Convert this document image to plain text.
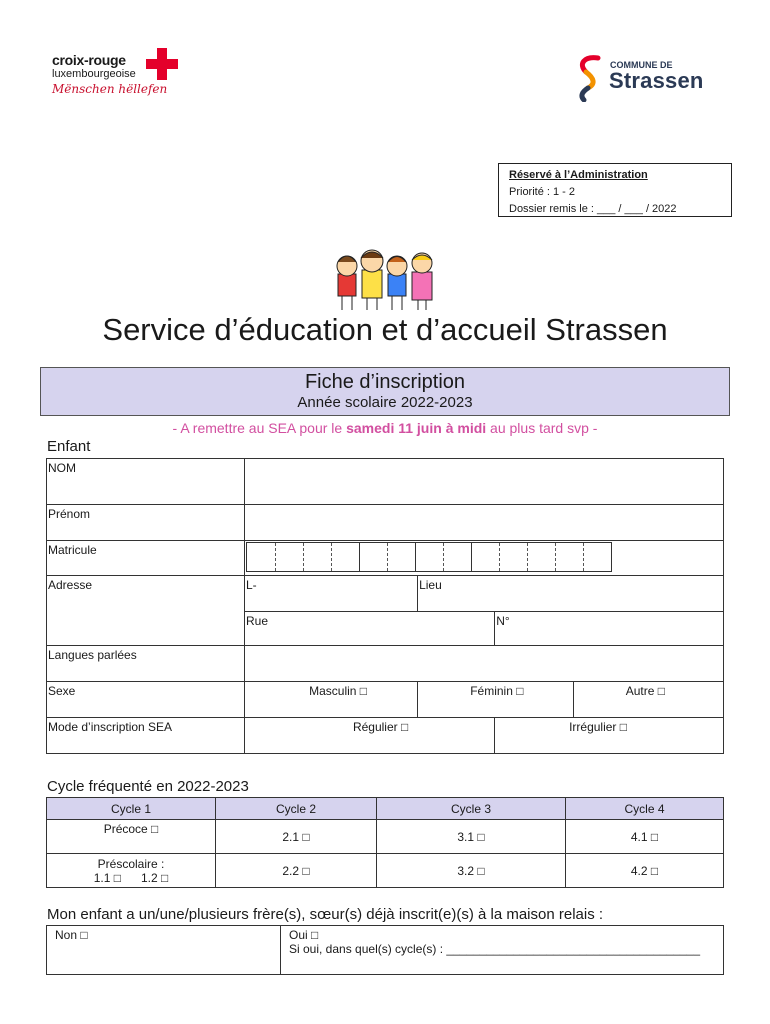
croix-rouge
luxembourgeoise
Mënschen hëllefen
COMMUNE DE
Strassen
Réservé à l’Administration
Priorité : 1 - 2
Dossier remis le : ___ / ___ / 2022
Service d’éducation et d’accueil Strassen
Fiche d’inscription
Année scolaire 2022-2023
- A remettre au SEA pour le samedi 11 juin à midi au plus tard svp -
Enfant
NOM				
Prénom				
Matricule				

Adresse	L-	Lieu		
	Rue		N°	
Langues parlées				
Sexe	Masculin □	Féminin □		Autre □
Mode d’inscription SEA	Régulier □		Irrégulier □	
Cycle fréquenté en 2022-2023
Cycle 1	Cycle 2	Cycle 3	Cycle 4
Précoce □	2.1 □	3.1 □	4.1 □

Préscolaire :
1.1 □      1.2 □	2.2 □	3.2 □	4.2 □
Mon enfant a un/une/plusieurs frère(s), sœur(s) déjà inscrit(e)(s) à la maison relais :
Non □	Oui □
Si oui, dans quel(s) cycle(s) : ______________________________________
